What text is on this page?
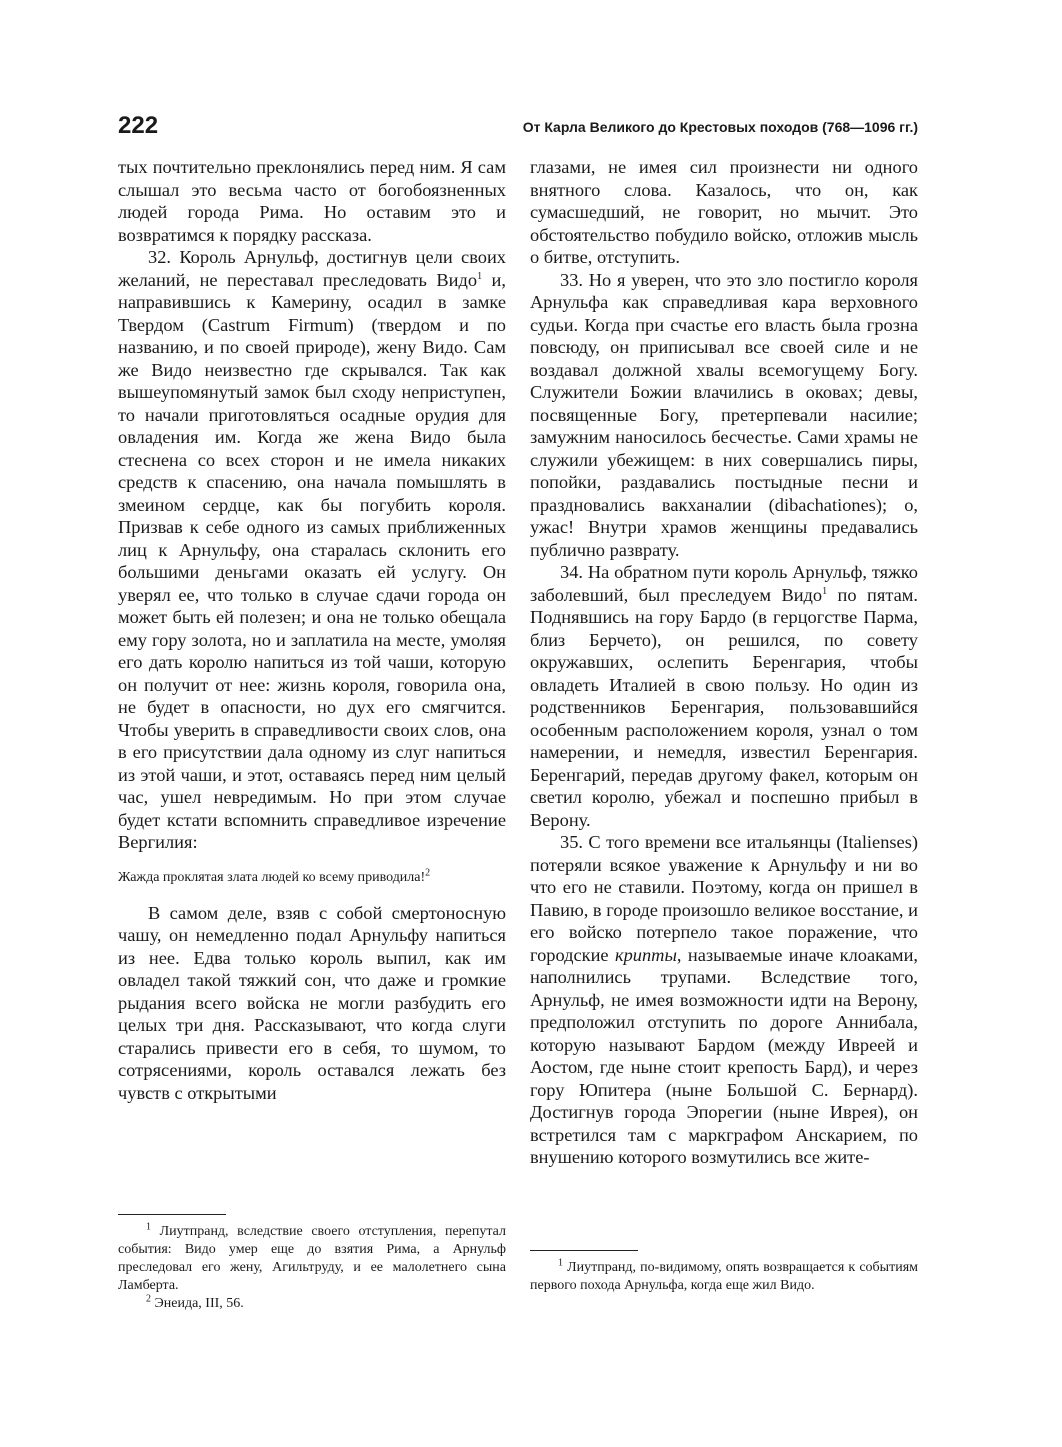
222	От Карла Великого до Крестовых походов (768—1096 гг.)

тых почтительно преклонялись перед ним. Я сам слышал это весьма часто от богобоязненных людей города Рима. Но оставим это и возвратимся к порядку рассказа.

32. Король Арнульф, достигнув цели своих желаний, не переставал преследовать Видо$^1$ и, направившись к Камерину, осадил в замке Твердом (Castrum Firmum) (твердом и по названию, и по своей природе), жену Видо. Сам же Видо неизвестно где скрывался. Так как вышеупомянутый замок был сходу неприступен, то начали приготовляться осадные орудия для овладения им. Когда же жена Видо была стеснена со всех сторон и не имела никаких средств к спасению, она начала помышлять в змеином сердце, как бы погубить короля. Призвав к себе одного из самых приближенных лиц к Арнульфу, она старалась склонить его большими деньгами оказать ей услугу. Он уверял ее, что только в случае сдачи города он может быть ей полезен; и она не только обещала ему гору золота, но и заплатила на месте, умоляя его дать королю напиться из той чаши, которую он получит от нее: жизнь короля, говорила она, не будет в опасности, но дух его смягчится. Чтобы уверить в справедливости своих слов, она в его присутствии дала одному из слуг напиться из этой чаши, и этот, оставаясь перед ним целый час, ушел невредимым. Но при этом случае будет кстати вспомнить справедливое изречение Вергилия:

Жажда проклятая злата людей ко всему приводила!$^2$

В самом деле, взяв с собой смертоносную чашу, он немедленно подал Арнульфу напиться из нее. Едва только король выпил, как им овладел такой тяжкий сон, что даже и громкие рыдания всего войска не могли разбудить его целых три дня. Рассказывают, что когда слуги старались привести его в себя, то шумом, то сотрясениями, король оставался лежать без чувств с открытыми

глазами, не имея сил произнести ни одного внятного слова. Казалось, что он, как сумасшедший, не говорит, но мычит. Это обстоятельство побудило войско, отложив мысль о битве, отступить.

33. Но я уверен, что это зло постигло короля Арнульфа как справедливая кара верховного судьи. Когда при счастье его власть была грозна повсюду, он приписывал все своей силе и не воздавал должной хвалы всемогущему Богу. Служители Божии влачились в оковах; девы, посвященные Богу, претерпевали насилие; замужним наносилось бесчестье. Сами храмы не служили убежищем: в них совершались пиры, попойки, раздавались постыдные песни и праздновались вакханалии (dibachationes); о, ужас! Внутри храмов женщины предавались публично разврату.

34. На обратном пути король Арнульф, тяжко заболевший, был преследуем Видо$^1$ по пятам. Поднявшись на гору Бардо (в герцогстве Парма, близ Берчето), он решился, по совету окружавших, ослепить Беренгария, чтобы овладеть Италией в свою пользу. Но один из родственников Беренгария, пользовавшийся особенным расположением короля, узнал о том намерении, и немедля, известил Беренгария. Беренгарий, передав другому факел, которым он светил королю, убежал и поспешно прибыл в Верону.

35. С того времени все итальянцы (Italienses) потеряли всякое уважение к Арнульфу и ни во что его не ставили. Поэтому, когда он пришел в Павию, в городе произошло великое восстание, и его войско потерпело такое поражение, что городские крипты, называемые иначе клоаками, наполнились трупами. Вследствие того, Арнульф, не имея возможности идти на Верону, предположил отступить по дороге Аннибала, которую называют Бардом (между Ивреей и Аостом, где ныне стоит крепость Бард), и через гору Юпитера (ныне Большой С. Бернард). Достигнув города Эпорегии (ныне Иврея), он встретился там с маркграфом Анскарием, по внушению которого возмутились все жите-

$^1$ Лиутпранд, вследствие своего отступления, перепутал события: Видо умер еще до взятия Рима, а Арнульф преследовал его жену, Агильтруду, и ее малолетнего сына Ламберта.

$^2$ Энеида, III, 56.

$^1$ Лиутпранд, по-видимому, опять возвращается к событиям первого похода Арнульфа, когда еще жил Видо.
